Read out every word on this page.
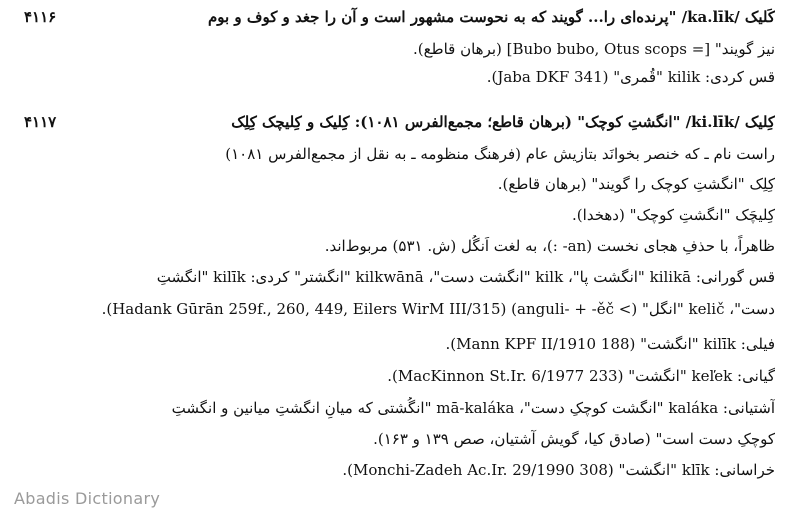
۴۱۱۶	کَلیک /ka.līk/ "پرنده‌ای را... گویند که به نحوست مشهور است و آن را جغد و کوف و بوم
نیز گویند" [= Bubo bubo, Otus scops] (برهان قاطع).
قس کردی: kilik "قُمری" (Jaba DKF 341).
۴۱۱۷	کِلیک /ki.līk/ "انگشتِ کوچک" (برهان قاطع؛ مجمع‌الفرس ۱۰۸۱): کِلیک و کِلیچک کِلِک
راست نام ـ که خنصر بخوانَد بتازیش عام (فرهنگ منظومه ـ به نقل از مجمع‌الفرس ۱۰۸۱)
کِلِک "انگشتِ کوچک را گویند" (برهان قاطع).
کِلیچَک "انگشتِ کوچک" (دهخدا).
ظاهراً، با حذفِ هجای نخست (an- :)، به لغت اَنگُل (ش. ۵۳۱) مربوط‌اند.
قس گورانی: kilikā "انگشت پا"، kilk "انگشت دست"، kilkwānā "انگشتر" کردی: kilīk "انگشتِ
دست"، kelič "انگل" (> anguli- + -ěč) (Hadank Gūrān 259f., 260, 449, Eilers WirM III/315).
فیلی: kilīk "انگشت" (Mann KPF II/1910 188).
گیانی: keľek "انگشت" (MacKinnon St.Ir. 6/1977 233).
آشتیانی: kaláka "انگشت کوچکِ دست"، mā-kaláka "انگُشتی که میانِ انگشتِ میانین و انگشتِ
کوچکِ دست است" (صادق کیا، گویش آشتیان، صص ۱۳۹ و ۱۶۳).
خراسانی: klīk "انگشت" (Monchi-Zadeh Ac.Ir. 29/1990 308).
Abadis Dictionary
